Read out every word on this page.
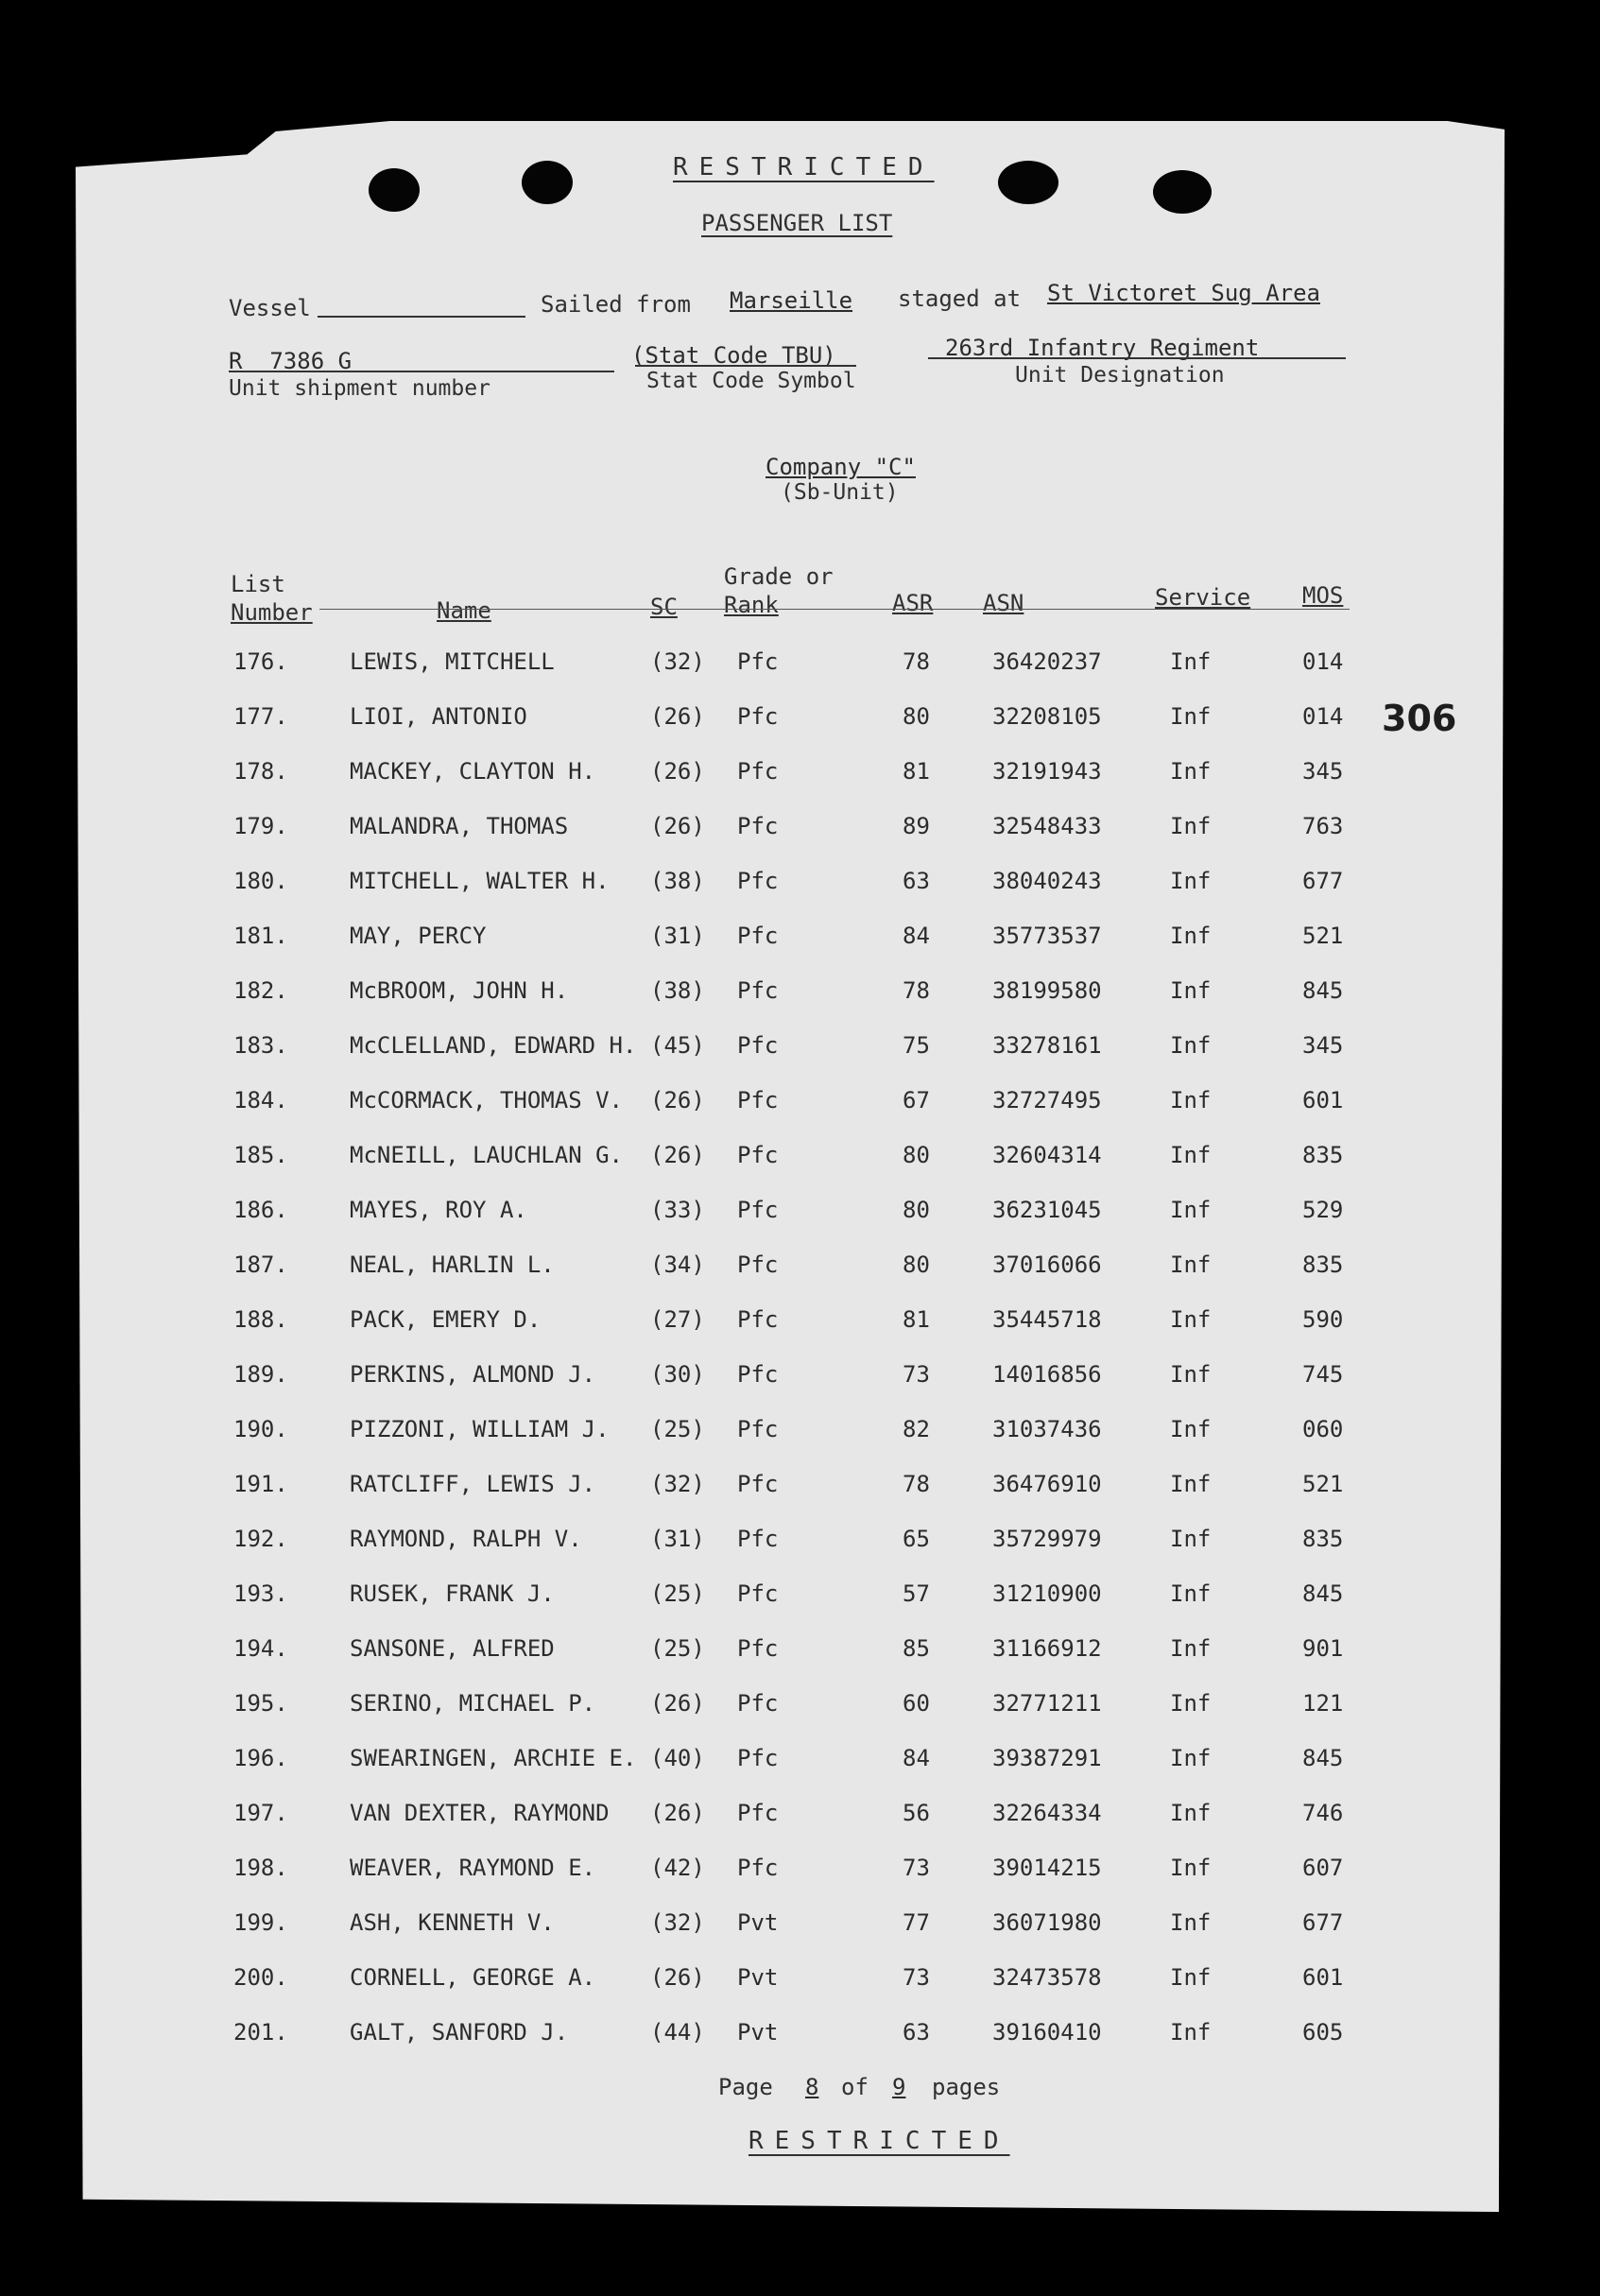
RESTRICTED
PASSENGER LIST
Vessel	Sailed from Marseille staged at St Victoret Sug Area
R  7386 G
Unit shipment number
(Stat Code TBU)
Stat Code Symbol
263rd Infantry Regiment
Unit Designation
Company "C"
(Sb-Unit)
306
List
Number	Name	SC
Grade or
Rank	ASR ASN	Service MOS
176.	LEWIS, MITCHELL	(32) Pfc	78	36420237	Inf	014
177.	LIOI, ANTONIO	(26) Pfc	80	32208105	Inf	014
178.	MACKEY, CLAYTON H. (26) Pfc	81	32191943	Inf	345
179.	MALANDRA, THOMAS	(26) Pfc	89	32548433	Inf	763
180.	MITCHELL, WALTER H. (38) Pfc	63	38040243	Inf	677
181.	MAY, PERCY	(31) Pfc	84	35773537	Inf	521
182.	McBROOM, JOHN H.	(38) Pfc	78	38199580	Inf	845
183.	McCLELLAND, EDWARD H. (45) Pfc	75	33278161	Inf	345
184.	McCORMACK, THOMAS V. (26) Pfc	67	32727495	Inf	601
185.	McNEILL, LAUCHLAN G. (26) Pfc	80	32604314	Inf	835
186.	MAYES, ROY A.	(33) Pfc	80	36231045	Inf	529
187.	NEAL, HARLIN L.	(34) Pfc	80	37016066	Inf	835
188.	PACK, EMERY D.	(27) Pfc	81	35445718	Inf	590
189.	PERKINS, ALMOND J. (30) Pfc	73	14016856	Inf	745
190.	PIZZONI, WILLIAM J. (25) Pfc	82	31037436	Inf	060
191.	RATCLIFF, LEWIS J. (32) Pfc	78	36476910	Inf	521
192.	RAYMOND, RALPH V.	(31) Pfc	65	35729979	Inf	835
193.	RUSEK, FRANK J.	(25) Pfc	57	31210900	Inf	845
194.	SANSONE, ALFRED	(25) Pfc	85	31166912	Inf	901
195.	SERINO, MICHAEL P. (26) Pfc	60	32771211	Inf	121
196.	SWEARINGEN, ARCHIE E. (40) Pfc	84	39387291	Inf	845
197.	VAN DEXTER, RAYMOND (26) Pfc	56	32264334	Inf	746
198.	WEAVER, RAYMOND E. (42) Pfc	73	39014215	Inf	607
199.	ASH, KENNETH V.	(32) Pvt	77	36071980	Inf	677
200.	CORNELL, GEORGE A. (26) Pvt	73	32473578	Inf	601
201.	GALT, SANFORD J.	(44) Pvt	63	39160410	Inf	605
Page 8 of 9 pages
RESTRICTED
